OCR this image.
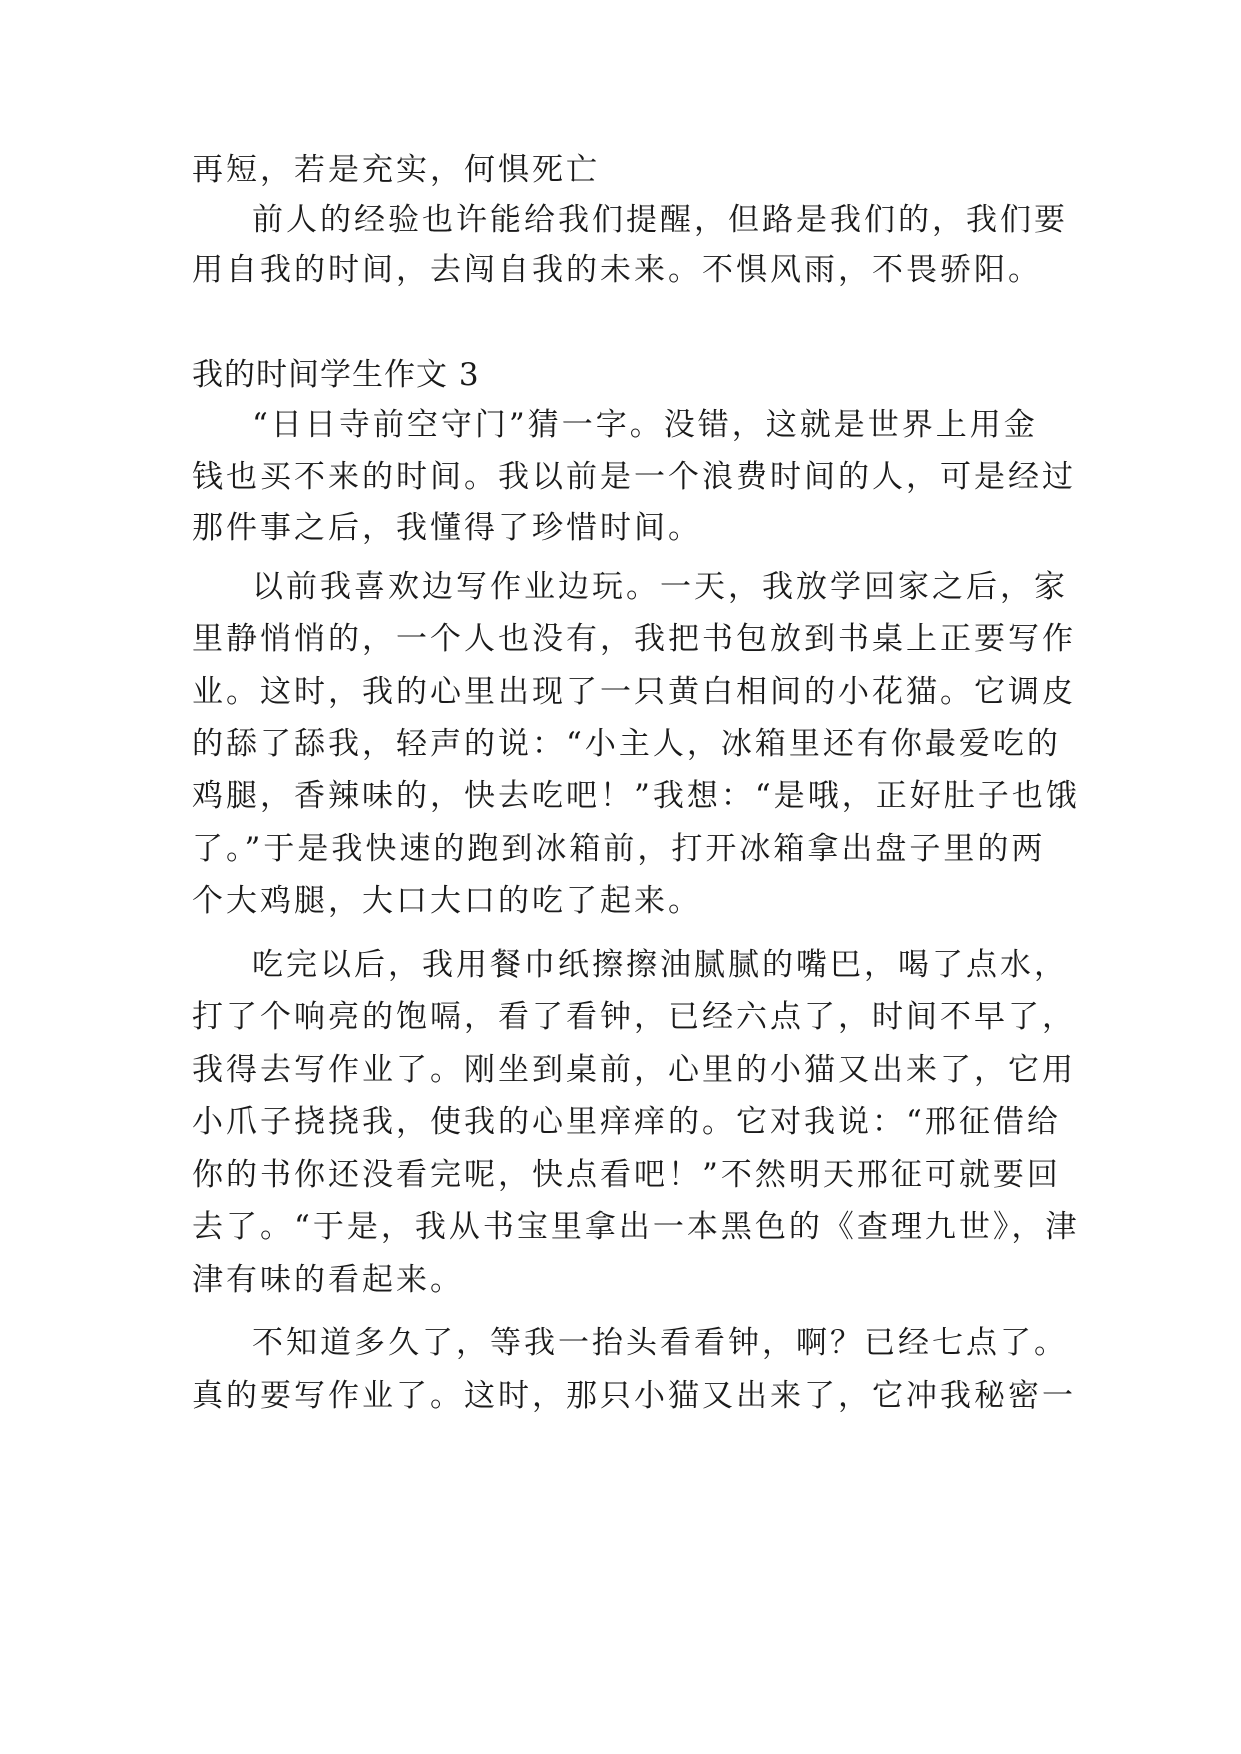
再短，若是充实，何惧死亡
前人的经验也许能给我们提醒，但路是我们的，我们要
用自我的时间，去闯自我的未来。不惧风雨，不畏骄阳。
我的时间学生作文 3
“日日寺前空守门”猜一字。没错，这就是世界上用金
钱也买不来的时间。我以前是一个浪费时间的人，可是经过
那件事之后，我懂得了珍惜时间。
以前我喜欢边写作业边玩。一天，我放学回家之后，家
里静悄悄的，一个人也没有，我把书包放到书桌上正要写作
业。这时，我的心里出现了一只黄白相间的小花猫。它调皮
的舔了舔我，轻声的说：“小主人，冰箱里还有你最爱吃的
鸡腿，香辣味的，快去吃吧！”我想：“是哦，正好肚子也饿
了。”于是我快速的跑到冰箱前，打开冰箱拿出盘子里的两
个大鸡腿，大口大口的吃了起来。
吃完以后，我用餐巾纸擦擦油腻腻的嘴巴，喝了点水，
打了个响亮的饱嗝，看了看钟，已经六点了，时间不早了，
我得去写作业了。刚坐到桌前，心里的小猫又出来了，它用
小爪子挠挠我，使我的心里痒痒的。它对我说：“邢征借给
你的书你还没看完呢，快点看吧！”不然明天邢征可就要回
去了。“于是，我从书宝里拿出一本黑色的《查理九世》，津
津有味的看起来。
不知道多久了，等我一抬头看看钟，啊？已经七点了。
真的要写作业了。这时，那只小猫又出来了，它冲我秘密一
